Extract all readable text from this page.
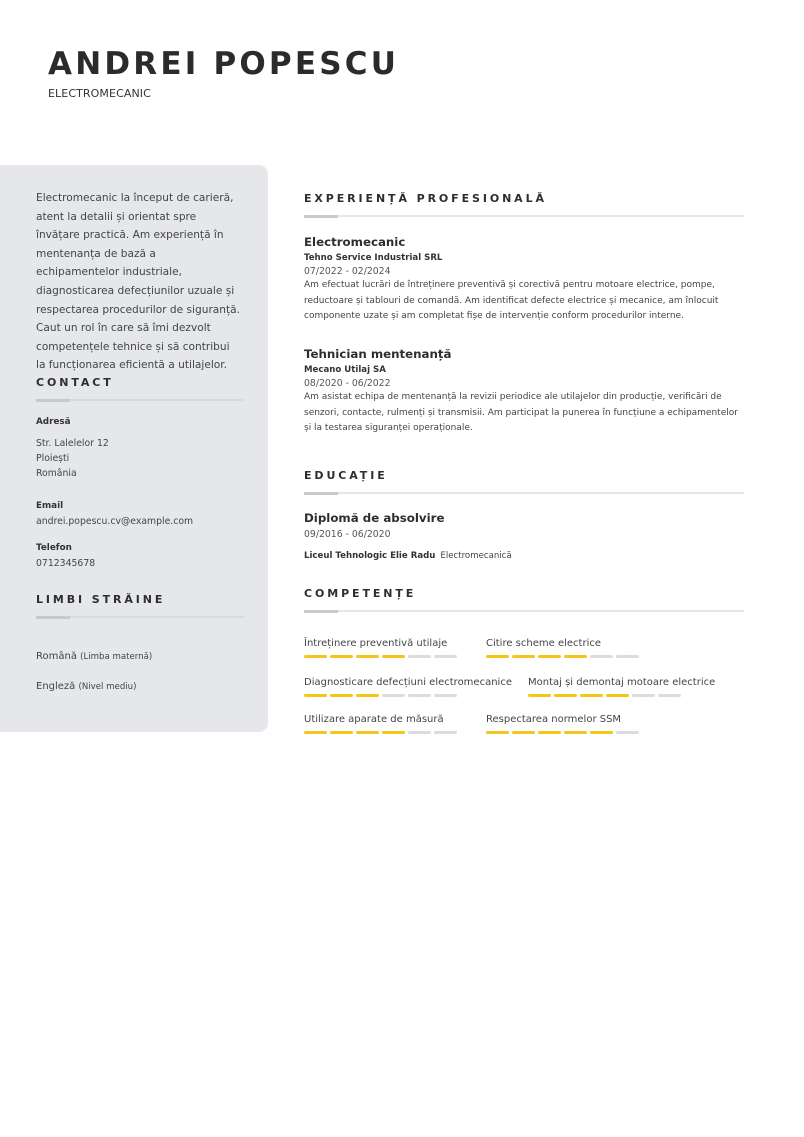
ANDREI POPESCU
ELECTROMECANIC
Electromecanic la început de carieră, atent la detalii și orientat spre învățare practică. Am experiență în mentenanța de bază a echipamentelor industriale, diagnosticarea defecțiunilor uzuale și respectarea procedurilor de siguranță. Caut un rol în care să îmi dezvolt competențele tehnice și să contribui la funcționarea eficientă a utilajelor.
CONTACT
Adresă
Str. Lalelelor 12
Ploiești
România
Email
andrei.popescu.cv@example.com
Telefon
0712345678
LIMBI STRĂINE
Română (Limba maternă)
Engleză (Nivel mediu)
EXPERIENȚĂ PROFESIONALĂ
Electromecanic
Tehno Service Industrial SRL
07/2022 - 02/2024
Am efectuat lucrări de întreținere preventivă și corectivă pentru motoare electrice, pompe, reductoare și tablouri de comandă. Am identificat defecte electrice și mecanice, am înlocuit componente uzate și am completat fișe de intervenție conform procedurilor interne.
Tehnician mentenanță
Mecano Utilaj SA
08/2020 - 06/2022
Am asistat echipa de mentenanță la revizii periodice ale utilajelor din producție, verificări de senzori, contacte, rulmenți și transmisii. Am participat la punerea în funcțiune a echipamentelor și la testarea siguranței operaționale.
EDUCAȚIE
Diplomă de absolvire
09/2016 - 06/2020
Liceul Tehnologic Elie Radu Electromecanică
COMPETENȚE
Întreținere preventivă utilaje	Citire scheme electrice
Diagnosticare defecțiuni electromecanice Montaj și demontaj motoare electrice
Utilizare aparate de măsură	Respectarea normelor SSM
